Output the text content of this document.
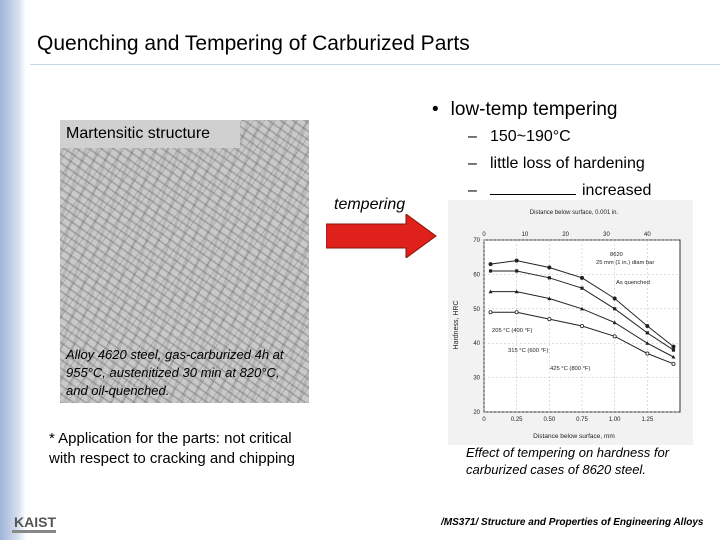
Quenching and Tempering of Carburized Parts
• low-temp tempering
– 150~190°C
– little loss of hardening
–	increased
Martensitic structure
Alloy 4620 steel, gas-carburized 4h at
955°C, austenitized 30 min at 820°C,
and oil-quenched.
* Application for the parts: not critical
with respect to cracking and chipping
tempering	Distance below surface, 0.001 in.
Hardness, HRC
Distance below surface, mm
20
30
40
50
60
70
0	0.25	0.50	0.75	1.00	1.25
0	10	20	30	40
8620
25 mm (1 in.) diam bar
As quenched
205 °C (400 °F)
315 °C (600 °F)
425 °C (800 °F)
Effect of tempering on hardness for
carburized cases of 8620 steel.
KAIST	/MS371/ Structure and Properties of Engineering Alloys
